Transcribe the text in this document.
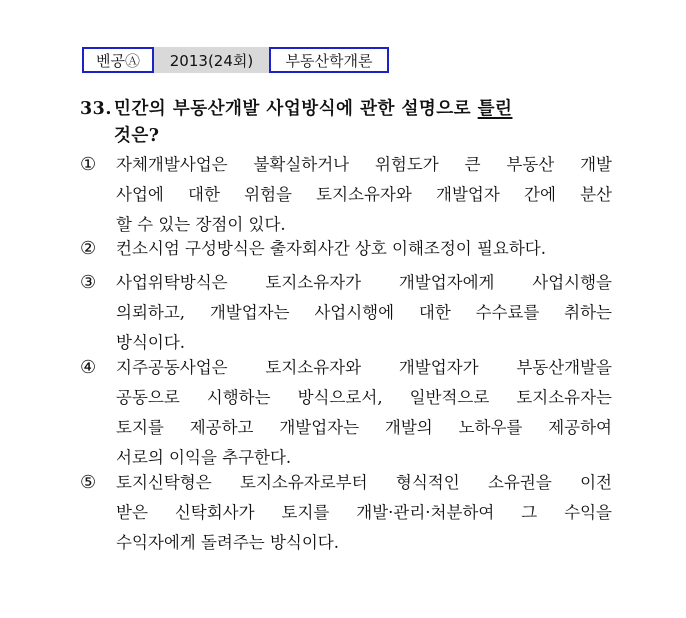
벤공Ⓐ	2013(24회)	부동산학개론
33. 민간의 부동산개발 사업방식에 관한 설명으로 틀린
것은?
① 자체개발사업은 불확실하거나 위험도가 큰 부동산 개발
사업에 대한 위험을 토지소유자와 개발업자 간에 분산
할 수 있는 장점이 있다.
② 컨소시엄 구성방식은 출자회사간 상호 이해조정이 필요하다.
③ 사업위탁방식은 토지소유자가 개발업자에게 사업시행을
의뢰하고, 개발업자는 사업시행에 대한 수수료를 취하는
방식이다.
④ 지주공동사업은 토지소유자와 개발업자가 부동산개발을
공동으로 시행하는 방식으로서, 일반적으로 토지소유자는
토지를 제공하고 개발업자는 개발의 노하우를 제공하여
서로의 이익을 추구한다.
⑤ 토지신탁형은 토지소유자로부터 형식적인 소유권을 이전
받은 신탁회사가 토지를 개발·관리·처분하여 그 수익을
수익자에게 돌려주는 방식이다.
